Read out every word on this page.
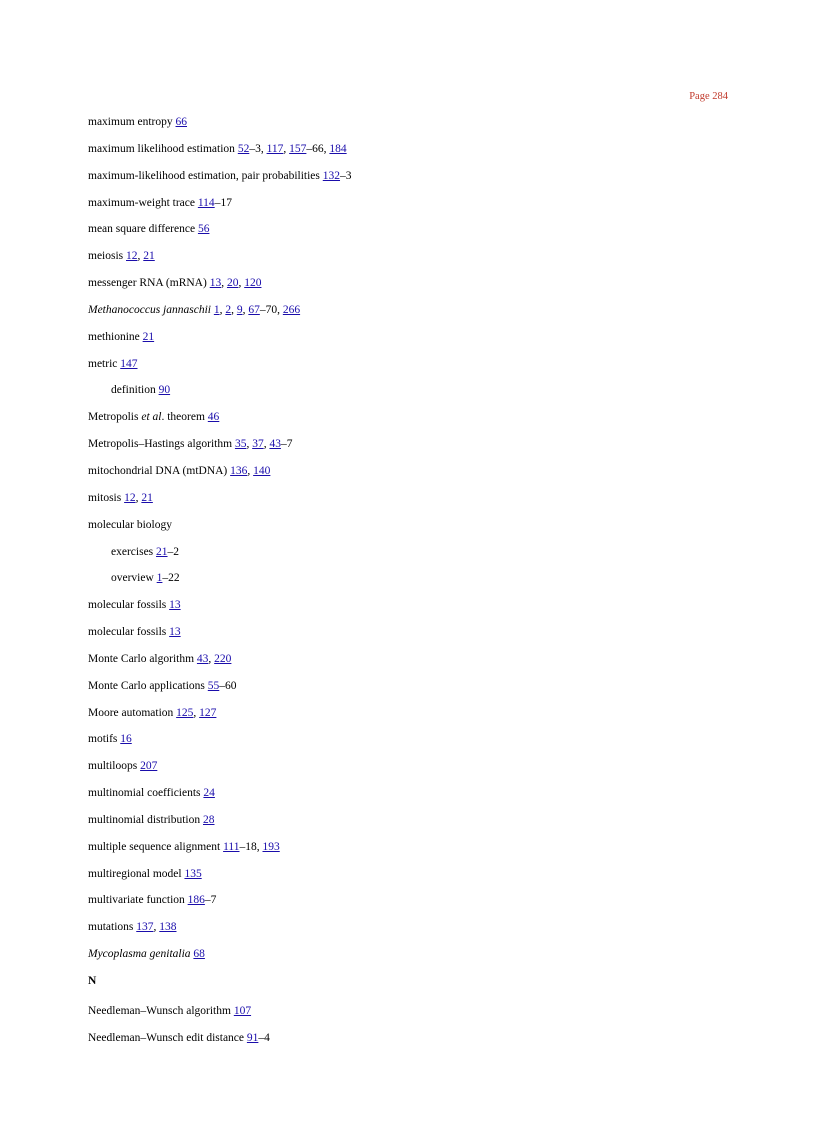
Page 284
maximum entropy 66
maximum likelihood estimation 52–3, 117, 157–66, 184
maximum-likelihood estimation, pair probabilities 132–3
maximum-weight trace 114–17
mean square difference 56
meiosis 12, 21
messenger RNA (mRNA) 13, 20, 120
Methanococcus jannaschii 1, 2, 9, 67–70, 266
methionine 21
metric 147
definition 90
Metropolis et al. theorem 46
Metropolis–Hastings algorithm 35, 37, 43–7
mitochondrial DNA (mtDNA) 136, 140
mitosis 12, 21
molecular biology
exercises 21–2
overview 1–22
molecular fossils 13
molecular fossils 13
Monte Carlo algorithm 43, 220
Monte Carlo applications 55–60
Moore automation 125, 127
motifs 16
multiloops 207
multinomial coefficients 24
multinomial distribution 28
multiple sequence alignment 111–18, 193
multiregional model 135
multivariate function 186–7
mutations 137, 138
Mycoplasma genitalia 68
N
Needleman–Wunsch algorithm 107
Needleman–Wunsch edit distance 91–4
